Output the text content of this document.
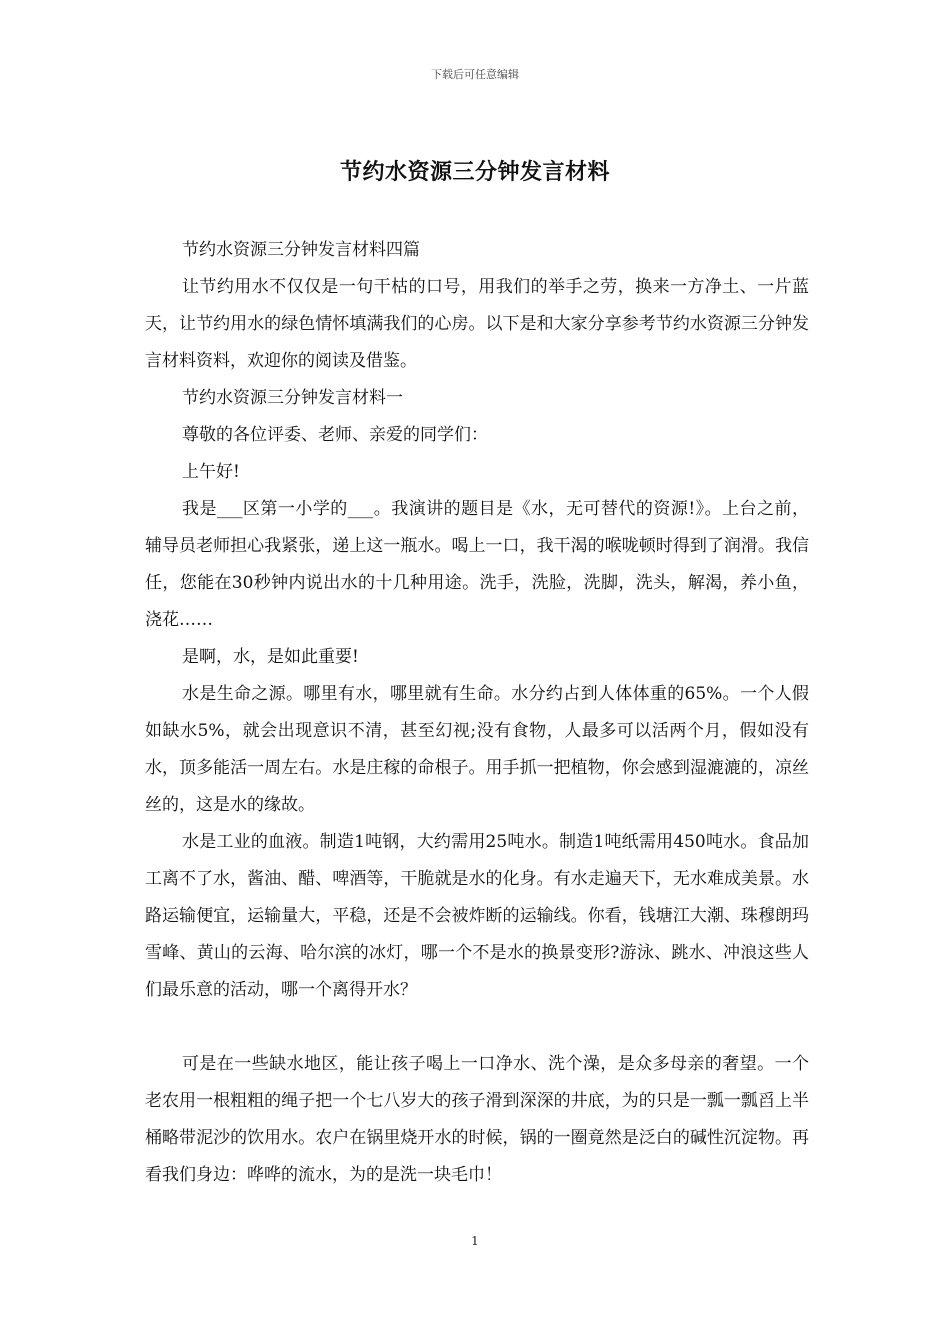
下载后可任意编辑
节约水资源三分钟发言材料

节约水资源三分钟发言材料四篇

让节约用水不仅仅是一句干枯的口号，用我们的举手之劳，换来一方净土、一片蓝天，让节约用水的绿色情怀填满我们的心房。以下是和大家分享参考节约水资源三分钟发言材料资料，欢迎你的阅读及借鉴。

节约水资源三分钟发言材料一

尊敬的各位评委、老师、亲爱的同学们：

上午好!

我是___区第一小学的___。我演讲的题目是《水，无可替代的资源!》。上台之前，辅导员老师担心我紧张，递上这一瓶水。喝上一口，我干渴的喉咙顿时得到了润滑。我信任，您能在30秒钟内说出水的十几种用途。洗手，洗脸，洗脚，洗头，解渴，养小鱼，浇花……

是啊，水，是如此重要!

水是生命之源。哪里有水，哪里就有生命。水分约占到人体体重的65%。一个人假如缺水5%，就会出现意识不清，甚至幻视;没有食物，人最多可以活两个月，假如没有水，顶多能活一周左右。水是庄稼的命根子。用手抓一把植物，你会感到湿漉漉的，凉丝丝的，这是水的缘故。

水是工业的血液。制造1吨钢，大约需用25吨水。制造1吨纸需用450吨水。食品加工离不了水，酱油、醋、啤酒等，干脆就是水的化身。有水走遍天下，无水难成美景。水路运输便宜，运输量大，平稳，还是不会被炸断的运输线。你看，钱塘江大潮、珠穆朗玛雪峰、黄山的云海、哈尔滨的冰灯，哪一个不是水的换景变形?游泳、跳水、冲浪这些人们最乐意的活动，哪一个离得开水？

可是在一些缺水地区，能让孩子喝上一口净水、洗个澡，是众多母亲的奢望。一个老农用一根粗粗的绳子把一个七八岁大的孩子滑到深深的井底，为的只是一瓢一瓢舀上半桶略带泥沙的饮用水。农户在锅里烧开水的时候，锅的一圈竟然是泛白的碱性沉淀物。再看我们身边：哗哗的流水，为的是洗一块毛巾！

1
